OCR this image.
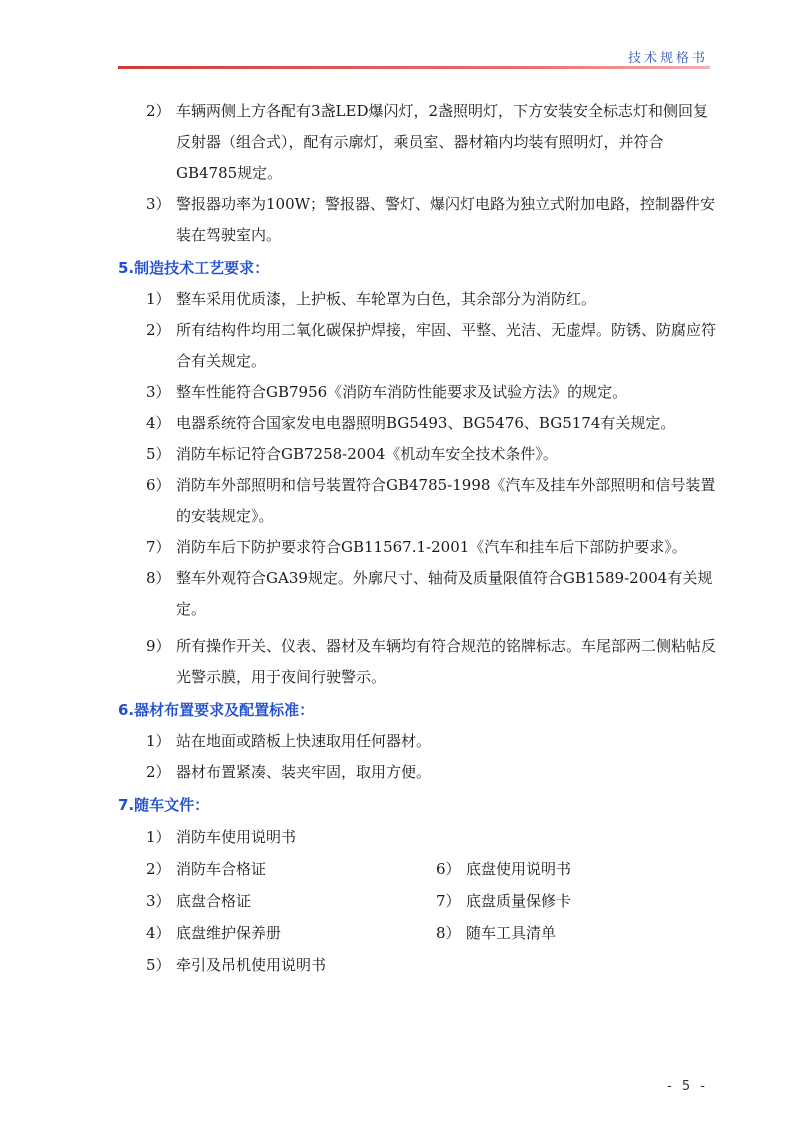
技术规格书
2） 车辆两侧上方各配有3盏LED爆闪灯，2盏照明灯，下方安装安全标志灯和侧回复反射器（组合式），配有示廓灯，乘员室、器材箱内均装有照明灯，并符合GB4785规定。
3） 警报器功率为100W；警报器、警灯、爆闪灯电路为独立式附加电路，控制器件安装在驾驶室内。
5.制造技术工艺要求：
1） 整车采用优质漆，上护板、车轮罩为白色，其余部分为消防红。
2） 所有结构件均用二氧化碳保护焊接，牢固、平整、光洁、无虚焊。防锈、防腐应符合有关规定。
3） 整车性能符合GB7956《消防车消防性能要求及试验方法》的规定。
4） 电器系统符合国家发电电器照明BG5493、BG5476、BG5174有关规定。
5） 消防车标记符合GB7258-2004《机动车安全技术条件》。
6） 消防车外部照明和信号装置符合GB4785-1998《汽车及挂车外部照明和信号装置的安装规定》。
7） 消防车后下防护要求符合GB11567.1-2001《汽车和挂车后下部防护要求》。
8） 整车外观符合GA39规定。外廓尺寸、轴荷及质量限值符合GB1589-2004有关规定。
9） 所有操作开关、仪表、器材及车辆均有符合规范的铭牌标志。车尾部两二侧粘帖反光警示膜，用于夜间行驶警示。
6.器材布置要求及配置标准：
1） 站在地面或踏板上快速取用任何器材。
2） 器材布置紧凑、装夹牢固，取用方便。
7.随车文件：
1） 消防车使用说明书
2） 消防车合格证	6） 底盘使用说明书
3） 底盘合格证	7） 底盘质量保修卡
4） 底盘维护保养册	8） 随车工具清单
5） 牵引及吊机使用说明书
- 5 -
